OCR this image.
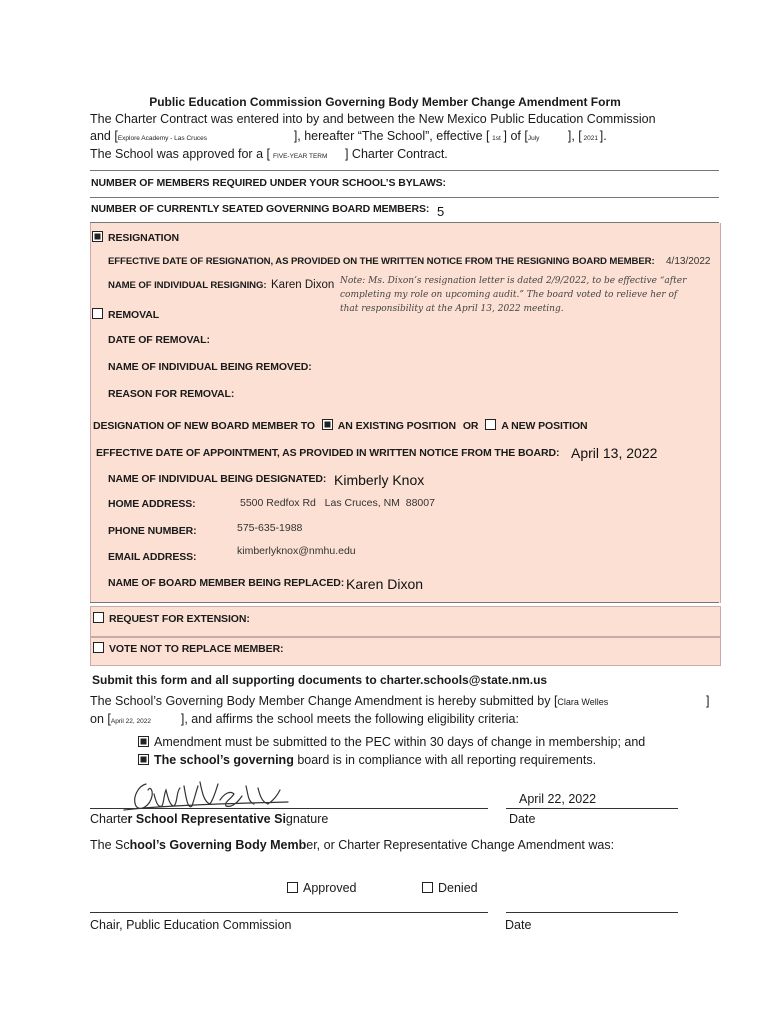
Public Education Commission Governing Body Member Change Amendment Form
The Charter Contract was entered into by and between the New Mexico Public Education Commission
and [Explore Academy - Las Cruces	], hereafter “The School”, effective [ 1st ] of [July ], [ 2021 ].
The School was approved for a [ FIVE-YEAR TERM ] Charter Contract.
NUMBER OF MEMBERS REQUIRED UNDER YOUR SCHOOL’S BYLAWS:
NUMBER OF CURRENTLY SEATED GOVERNING BOARD MEMBERS: 5
RESIGNATION
EFFECTIVE DATE OF RESIGNATION, AS PROVIDED ON THE WRITTEN NOTICE FROM THE RESIGNING BOARD MEMBER: 4/13/2022
NAME OF INDIVIDUAL RESIGNING: Karen Dixon Note: Ms. Dixon’s resignation letter is dated 2/9/2022, to be effective “after completing my role on upcoming audit.” The board voted to relieve her of that responsibility at the April 13, 2022 meeting.
REMOVAL
DATE OF REMOVAL:
NAME OF INDIVIDUAL BEING REMOVED:
REASON FOR REMOVAL:
DESIGNATION OF NEW BOARD MEMBER TO AN EXISTING POSITION OR A NEW POSITION
EFFECTIVE DATE OF APPOINTMENT, AS PROVIDED IN WRITTEN NOTICE FROM THE BOARD: April 13, 2022
NAME OF INDIVIDUAL BEING DESIGNATED: Kimberly Knox
HOME ADDRESS:	5500 Redfox Rd   Las Cruces, NM  88007
PHONE NUMBER:	575-635-1988
EMAIL ADDRESS:	kimberlyknox@nmhu.edu
NAME OF BOARD MEMBER BEING REPLACED: Karen Dixon
REQUEST FOR EXTENSION:
VOTE NOT TO REPLACE MEMBER:
Submit this form and all supporting documents to charter.schools@state.nm.us
The School’s Governing Body Member Change Amendment is hereby submitted by [Clara Welles	]
on [April 22, 2022 ], and affirms the school meets the following eligibility criteria:
Amendment must be submitted to the PEC within 30 days of change in membership; and
The school’s governing board is in compliance with all reporting requirements.
April 22, 2022
Charter School Representative Signature	Date
The School’s Governing Body Member, or Charter Representative Change Amendment was:
Approved	Denied
Chair, Public Education Commission	Date
